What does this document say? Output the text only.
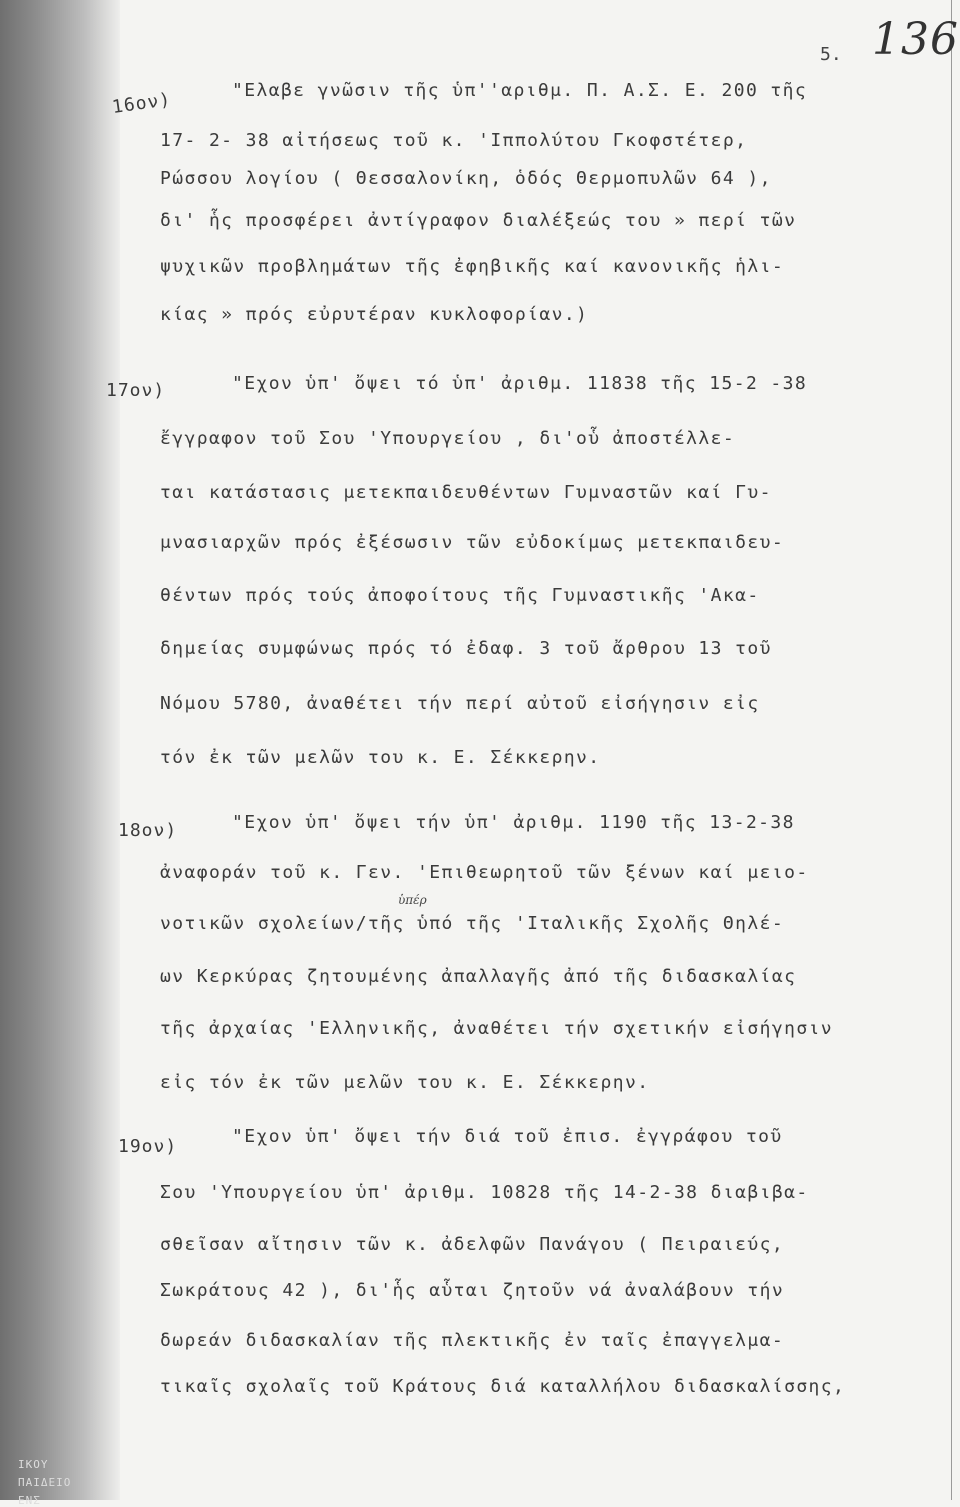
ΙΚΟΥ
ΠΑΙΔΕΙΟ
ΕΝΣ
5. 136
16ον)	"Ελαβε γνῶσιν τῆς ὑπ''αριθμ. Π. Α.Σ. Ε. 200 τῆς
17- 2- 38 αἰτήσεως τοῦ κ. 'Ιππολύτου Γκοφστέτερ,
Ρώσσου λογίου ( Θεσσαλονίκη, ὁδός Θερμοπυλῶν 64 ),
δι' ἧς προσφέρει ἀντίγραφον διαλέξεώς του » περί τῶν
ψυχικῶν προβλημάτων τῆς ἐφηβικῆς καί κανονικῆς ἡλι-
κίας » πρός εὐρυτέραν κυκλοφορίαν.)
17ον)	"Εχον ὑπ' ὄψει τό ὑπ' ἀριθμ. 11838 τῆς 15-2 -38
ἔγγραφον τοῦ Σου 'Υπουργείου , δι'οὗ ἀποστέλλε-
ται κατάστασις μετεκπαιδευθέντων Γυμναστῶν καί Γυ-
μνασιαρχῶν πρός ἐξέσωσιν τῶν εὐδοκίμως μετεκπαιδευ-
θέντων πρός τούς ἀποφοίτους τῆς Γυμναστικῆς 'Ακα-
δημείας συμφώνως πρός τό ἐδαφ. 3 τοῦ ἄρθρου 13 τοῦ
Νόμου 5780, ἀναθέτει τήν περί αὐτοῦ εἰσήγησιν εἰς
τόν ἐκ τῶν μελῶν του κ. Ε. Σέκκερην.
18ον)	"Εχον ὑπ' ὄψει τήν ὑπ' ἀριθμ. 1190 τῆς 13-2-38
ἀναφοράν τοῦ κ. Γεν. 'Επιθεωρητοῦ τῶν ξένων καί μειο-
ὑπέρ
νοτικῶν σχολείων/τῆς ὑπό τῆς 'Ιταλικῆς Σχολῆς Θηλέ-
ων Κερκύρας ζητουμένης ἀπαλλαγῆς ἀπό τῆς διδασκαλίας
τῆς ἀρχαίας 'Ελληνικῆς, ἀναθέτει τήν σχετικήν εἰσήγησιν
εἰς τόν ἐκ τῶν μελῶν του κ. Ε. Σέκκερην.
19ον)	"Εχον ὑπ' ὄψει τήν διά τοῦ ἐπισ. ἐγγράφου τοῦ
Σου 'Υπουργείου ὑπ' ἀριθμ. 10828 τῆς 14-2-38 διαβιβα-
σθεῖσαν αἴτησιν τῶν κ. ἀδελφῶν Πανάγου ( Πειραιεύς,
Σωκράτους 42 ), δι'ἧς αὗται ζητοῦν νά ἀναλάβουν τήν
δωρεάν διδασκαλίαν τῆς πλεκτικῆς ἐν ταῖς ἐπαγγελμα-
τικαῖς σχολαῖς τοῦ Κράτους διά καταλλήλου διδασκαλίσσης,
